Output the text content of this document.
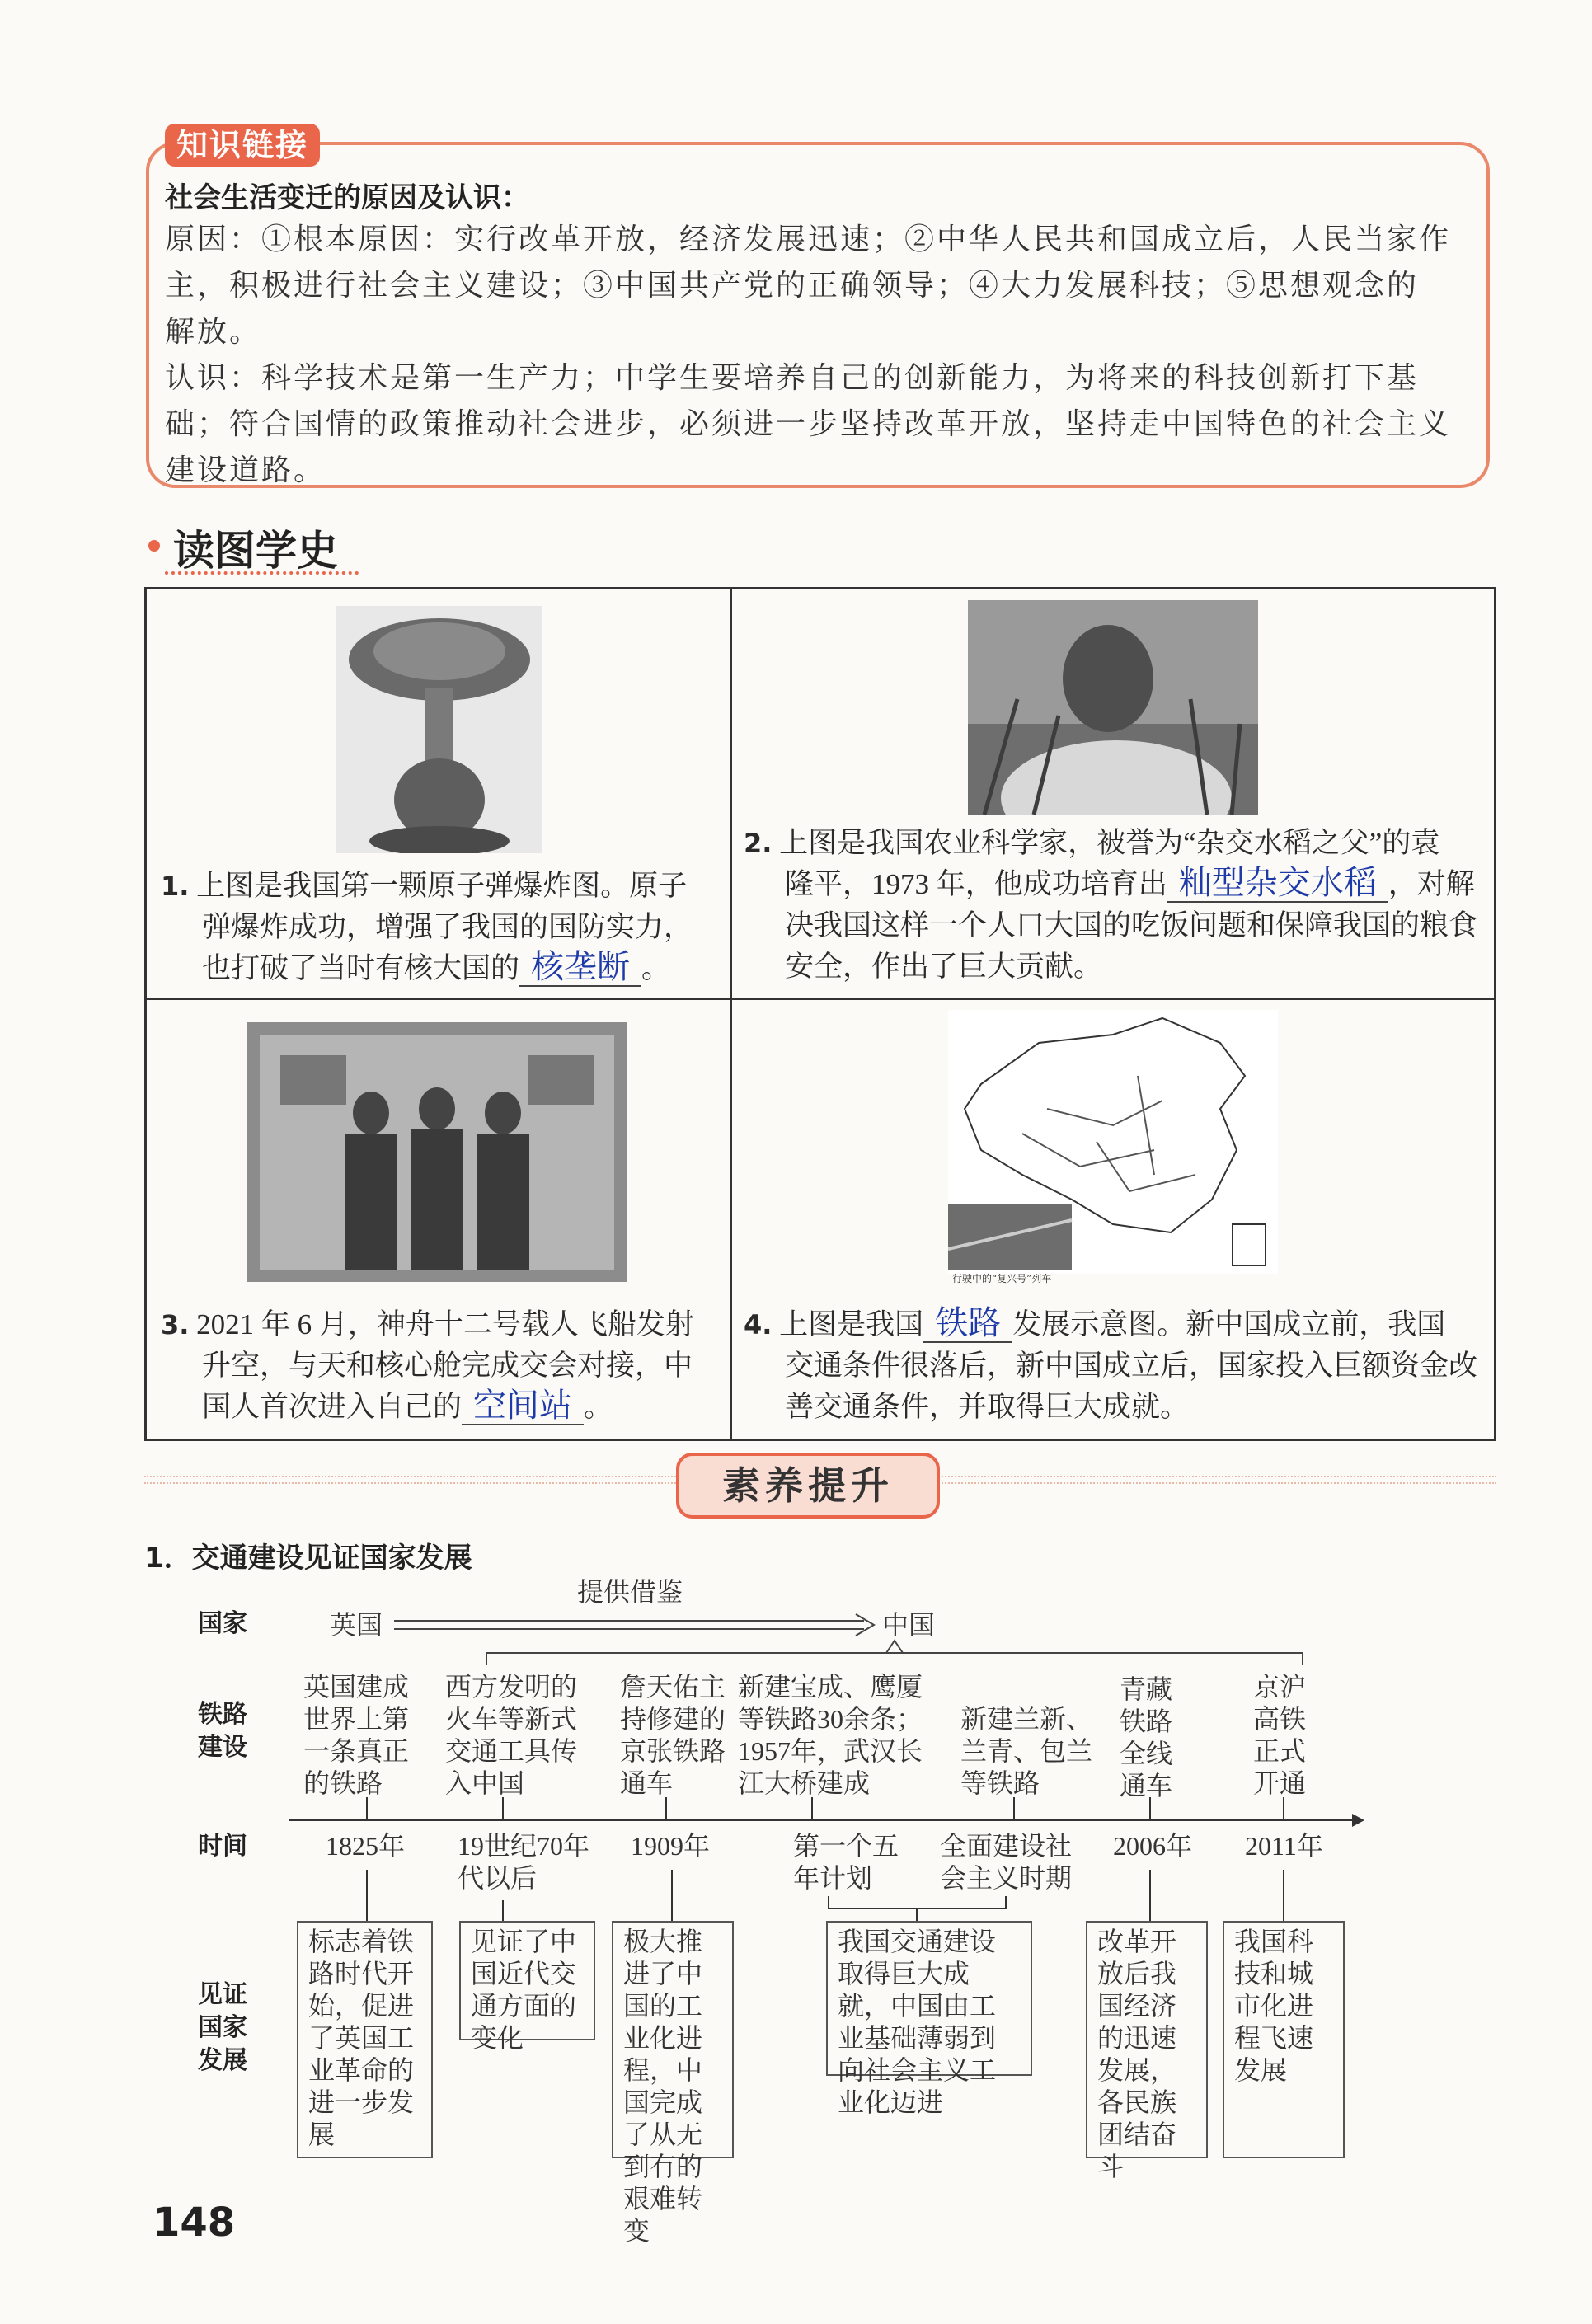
知识链接
社会生活变迁的原因及认识：
原因：①根本原因：实行改革开放，经济发展迅速；②中华人民共和国成立后，人民当家作
主，积极进行社会主义建设；③中国共产党的正确领导；④大力发展科技；⑤思想观念的
解放。
认识：科学技术是第一生产力；中学生要培养自己的创新能力，为将来的科技创新打下基
础；符合国情的政策推动社会进步，必须进一步坚持改革开放，坚持走中国特色的社会主义
建设道路。
读图学史
1. 上图是我国第一颗原子弹爆炸图。原子
弹爆炸成功，增强了我国的国防实力，
也打破了当时有核大国的 核垄断 。
2. 上图是我国农业科学家，被誉为“杂交水稻之父”的袁
隆平，1973 年，他成功培育出 籼型杂交水稻 ，对解
决我国这样一个人口大国的吃饭问题和保障我国的粮食
安全，作出了巨大贡献。
3. 2021 年 6 月，神舟十二号载人飞船发射
升空，与天和核心舱完成交会对接，中
国人首次进入自己的 空间站 。
行驶中的“复兴号”列车
4. 上图是我国 铁路 发展示意图。新中国成立前，我国
交通条件很落后，新中国成立后，国家投入巨额资金改
善交通条件，并取得巨大成就。
素养提升
1．交通建设见证国家发展
国家
铁路建设
时间
见证国家发展
英国
提供借鉴
中国
英国建成世界上第一条真正的铁路
西方发明的火车等新式交通工具传入中国
詹天佑主持修建的京张铁路通车
新建宝成、鹰厦等铁路30余条；1957年，武汉长江大桥建成
新建兰新、兰青、包兰等铁路
青藏铁路全线通车
京沪高铁正式开通
1825年 19世纪70年代以后
1909年	第一个五年计划
全面建设社会主义时期
2006年 2011年
标志着铁路时代开始，促进了英国工业革命的进一步发展
见证了中国近代交通方面的变化
极大推进了中国的工业化进程，中国完成了从无到有的艰难转变
我国交通建设取得巨大成就，中国由工业基础薄弱到向社会主义工业化迈进
改革开放后我国经济的迅速发展，各民族团结奋斗
我国科技和城市化进程飞速发展
148
